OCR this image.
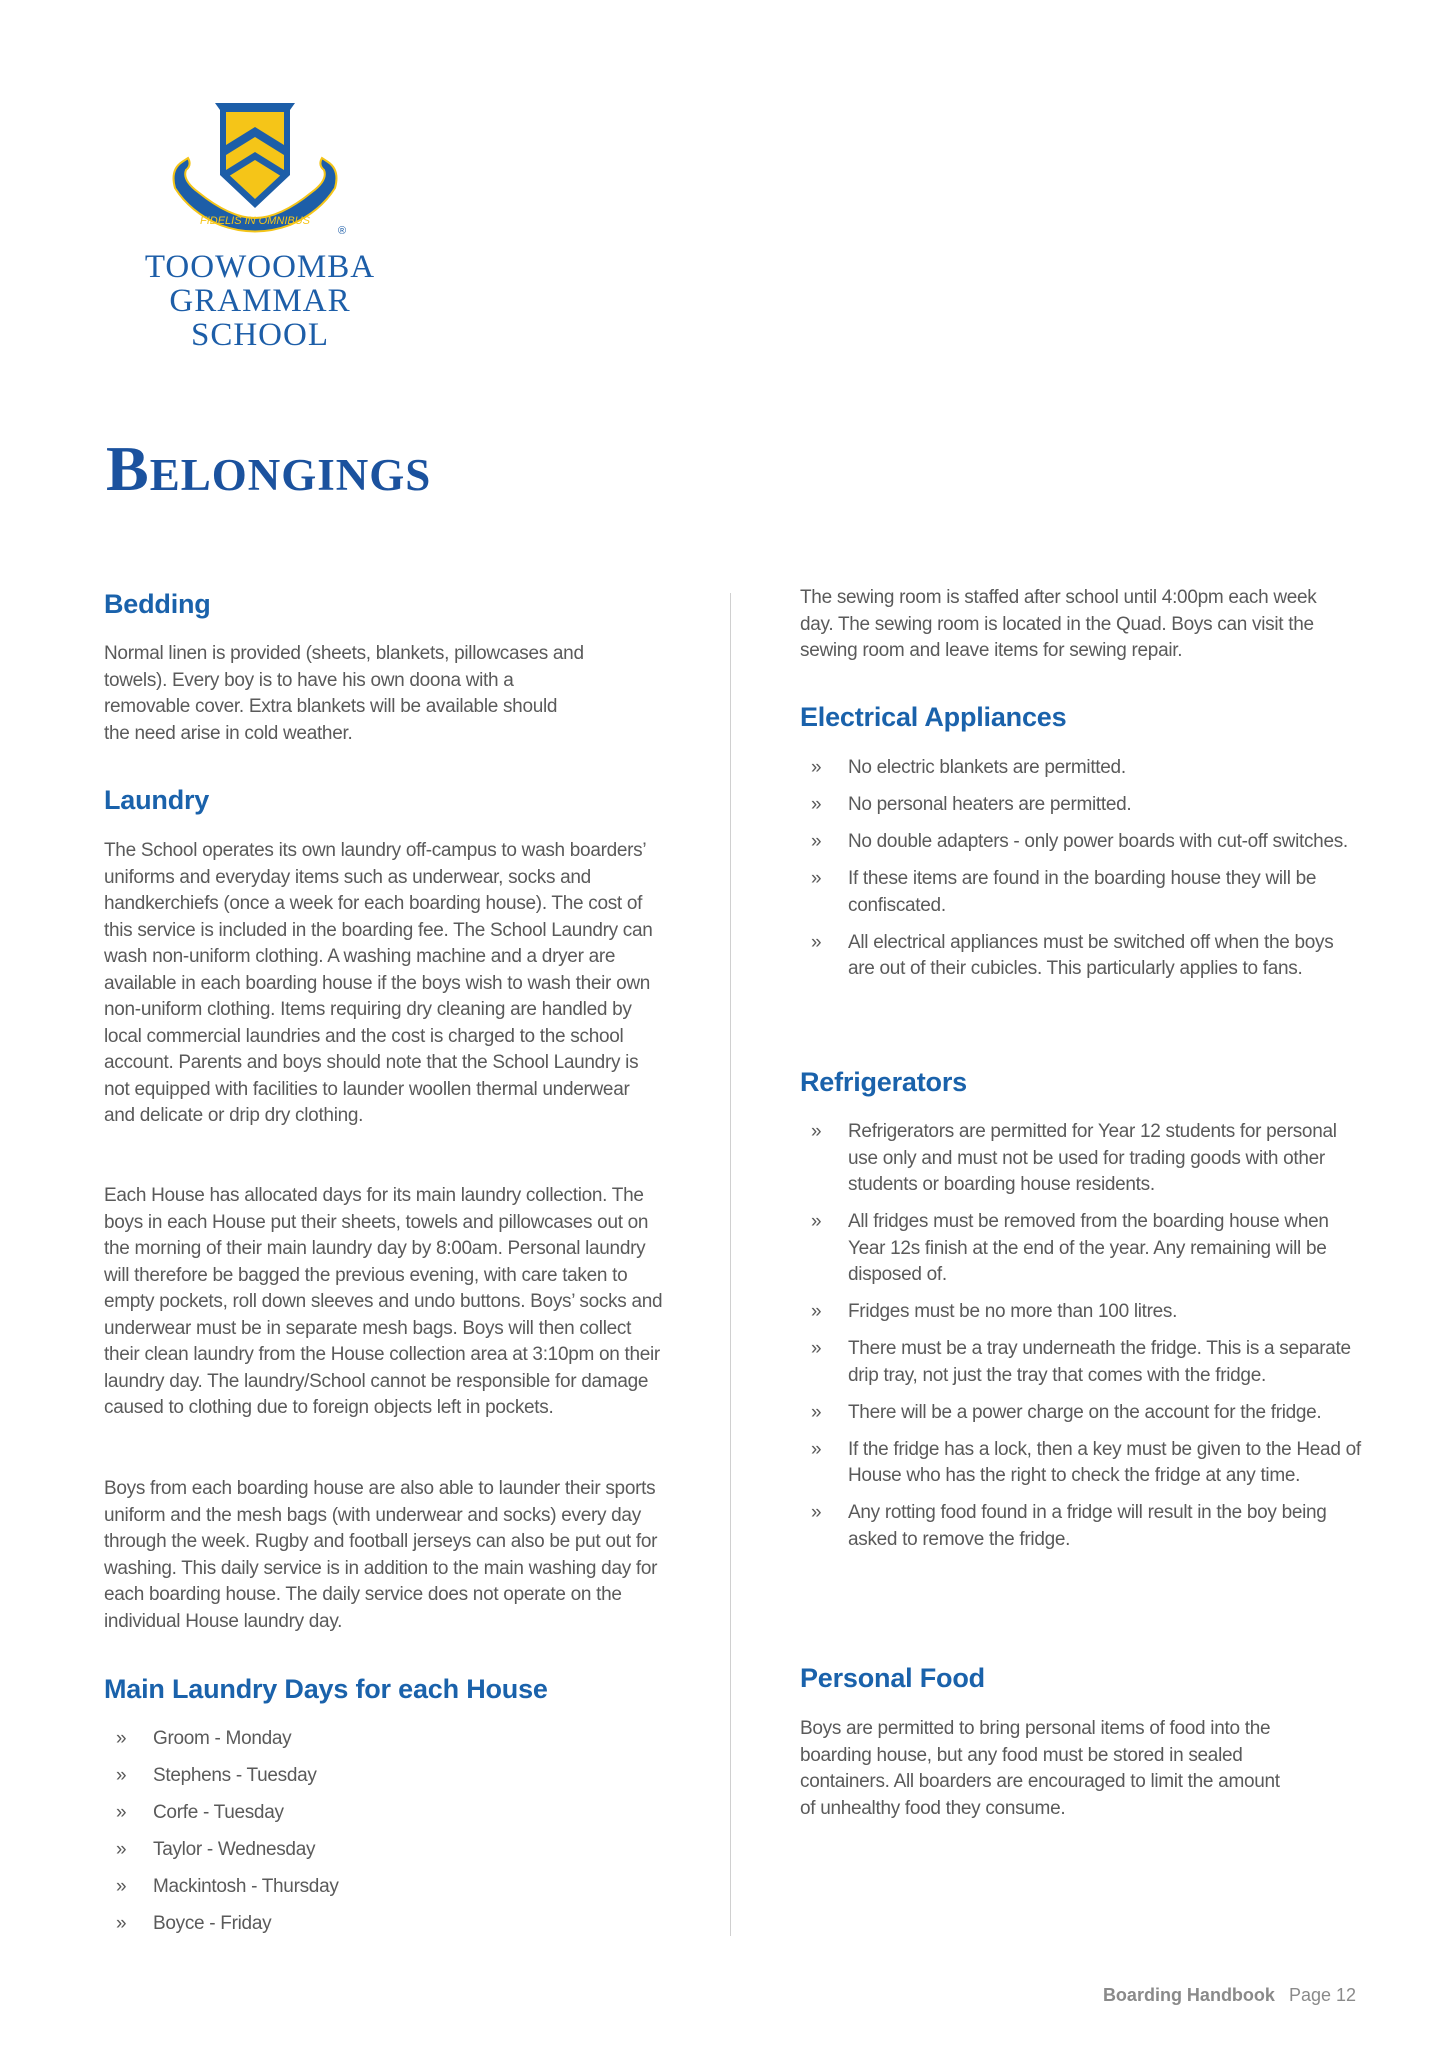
FIDELIS IN OMNIBUS
®
TOOWOOMBA
GRAMMAR SCHOOL
Belongings
Bedding

Normal linen is provided (sheets, blankets, pillowcases and towels). Every boy is to have his own doona with a removable cover. Extra blankets will be available should the need arise in cold weather.

Laundry

The School operates its own laundry off-campus to wash boarders’ uniforms and everyday items such as underwear, socks and handkerchiefs (once a week for each boarding house). The cost of this service is included in the boarding fee. The School Laundry can wash non-uniform clothing. A washing machine and a dryer are available in each boarding house if the boys wish to wash their own non-uniform clothing. Items requiring dry cleaning are handled by local commercial laundries and the cost is charged to the school account. Parents and boys should note that the School Laundry is not equipped with facilities to launder woollen thermal underwear and delicate or drip dry clothing.

Each House has allocated days for its main laundry collection. The boys in each House put their sheets, towels and pillowcases out on the morning of their main laundry day by 8:00am. Personal laundry will therefore be bagged the previous evening, with care taken to empty pockets, roll down sleeves and undo buttons. Boys’ socks and underwear must be in separate mesh bags. Boys will then collect their clean laundry from the House collection area at 3:10pm on their laundry day. The laundry/School cannot be responsible for damage caused to clothing due to foreign objects left in pockets.

Boys from each boarding house are also able to launder their sports uniform and the mesh bags (with underwear and socks) every day through the week. Rugby and football jerseys can also be put out for washing. This daily service is in addition to the main washing day for each boarding house. The daily service does not operate on the individual House laundry day.

Main Laundry Days for each House
» Groom - Monday
» Stephens - Tuesday
» Corfe - Tuesday
» Taylor - Wednesday
» Mackintosh - Thursday
» Boyce - Friday

The sewing room is staffed after school until 4:00pm each week day. The sewing room is located in the Quad. Boys can visit the sewing room and leave items for sewing repair.

Electrical Appliances
» No electric blankets are permitted.
» No personal heaters are permitted.
» No double adapters - only power boards with cut-off switches.
» If these items are found in the boarding house they will be confiscated.
» All electrical appliances must be switched off when the boys are out of their cubicles. This particularly applies to fans.
Refrigerators
» Refrigerators are permitted for Year 12 students for personal use only and must not be used for trading goods with other students or boarding house residents.
» All fridges must be removed from the boarding house when Year 12s finish at the end of the year. Any remaining will be disposed of.
» Fridges must be no more than 100 litres.
» There must be a tray underneath the fridge. This is a separate drip tray, not just the tray that comes with the fridge.
» There will be a power charge on the account for the fridge.
» If the fridge has a lock, then a key must be given to the Head of House who has the right to check the fridge at any time.
» Any rotting food found in a fridge will result in the boy being asked to remove the fridge.
Personal Food

Boys are permitted to bring personal items of food into the boarding house, but any food must be stored in sealed containers. All boarders are encouraged to limit the amount of unhealthy food they consume.

Boarding Handbook Page 12
